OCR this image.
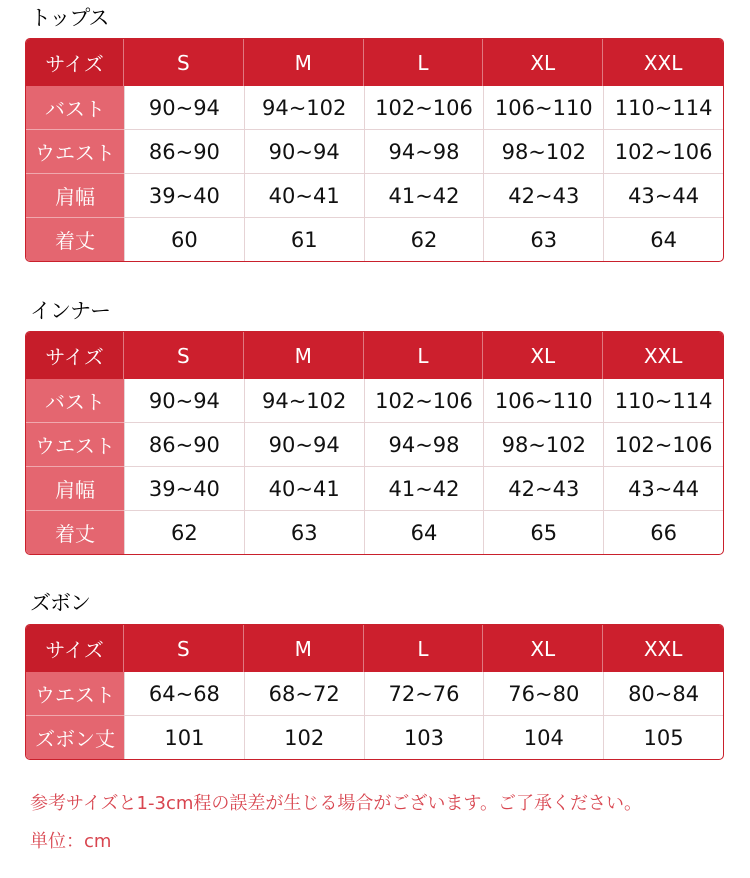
トップス
サイズ	S	M	L	XL	XXL
バスト	90~94	94~102	102~106	106~110	110~114
ウエスト	86~90	90~94	94~98	98~102	102~106
肩幅	39~40	40~41	41~42	42~43	43~44
着丈	60	61	62	63	64
インナー
サイズ	S	M	L	XL	XXL
バスト	90~94	94~102	102~106	106~110	110~114
ウエスト	86~90	90~94	94~98	98~102	102~106
肩幅	39~40	40~41	41~42	42~43	43~44
着丈	62	63	64	65	66
ズボン
サイズ	S	M	L	XL	XXL
ウエスト	64~68	68~72	72~76	76~80	80~84
ズボン丈	101	102	103	104	105
参考サイズと1-3cm程の誤差が生じる場合がございます。ご了承ください。
単位：cm
